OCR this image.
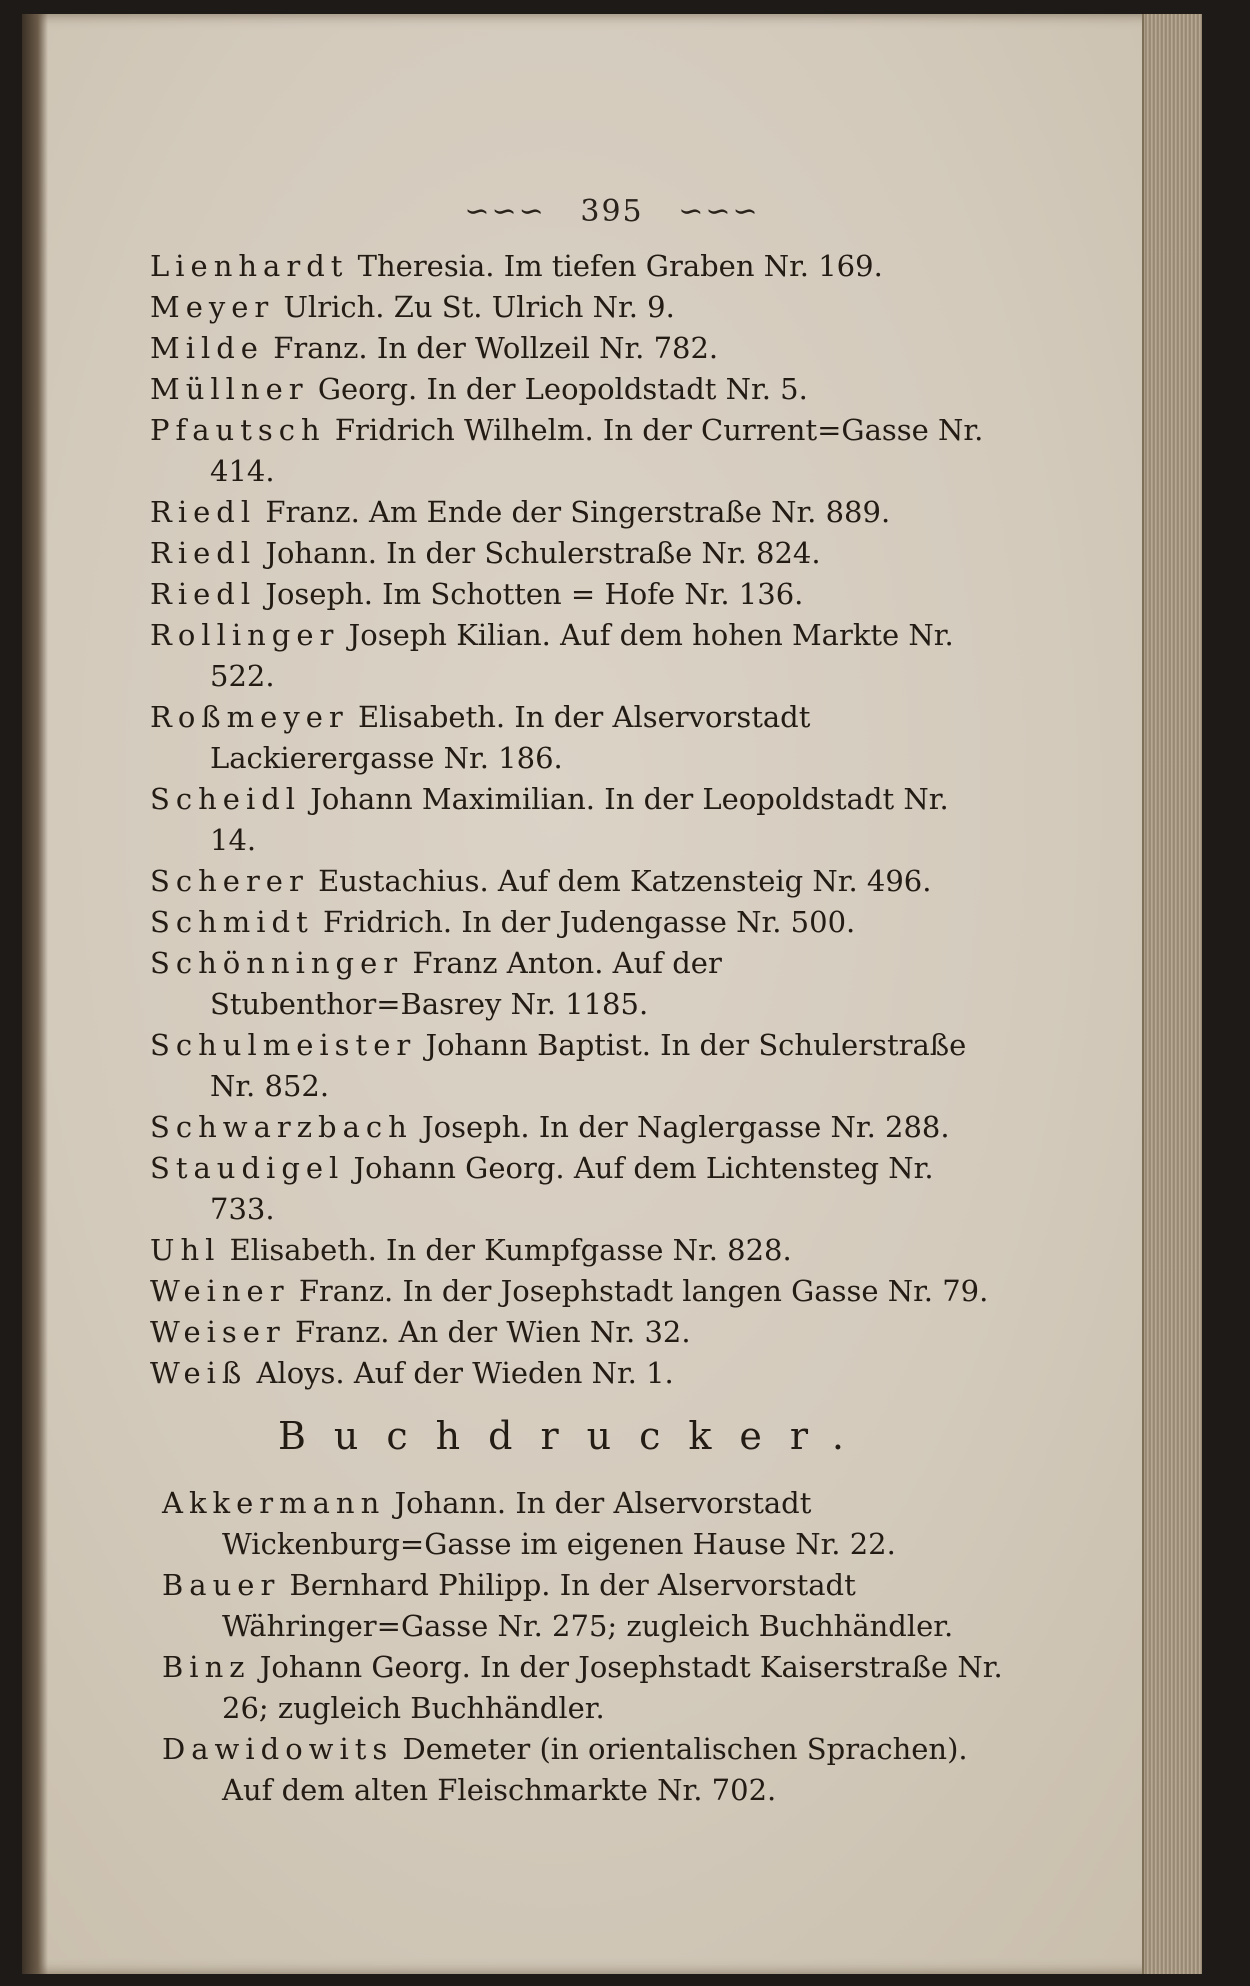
∽∽∽ 395 ∽∽∽

Lienhardt Theresia. Im tiefen Graben Nr. 169.

Meyer Ulrich. Zu St. Ulrich Nr. 9.

Milde Franz. In der Wollzeil Nr. 782.

Müllner Georg. In der Leopoldstadt Nr. 5.

Pfautsch Fridrich Wilhelm. In der Current=Gasse Nr. 414.

Riedl Franz. Am Ende der Singerstraße Nr. 889.

Riedl Johann. In der Schulerstraße Nr. 824.

Riedl Joseph. Im Schotten = Hofe Nr. 136.

Rollinger Joseph Kilian. Auf dem hohen Markte Nr. 522.

Roßmeyer Elisabeth. In der Alservorstadt Lackierergasse Nr. 186.

Scheidl Johann Maximilian. In der Leopoldstadt Nr. 14.

Scherer Eustachius. Auf dem Katzensteig Nr. 496.

Schmidt Fridrich. In der Judengasse Nr. 500.

Schönninger Franz Anton. Auf der Stubenthor=Basrey Nr. 1185.

Schulmeister Johann Baptist. In der Schulerstraße Nr. 852.

Schwarzbach Joseph. In der Naglergasse Nr. 288.

Staudigel Johann Georg. Auf dem Lichtensteg Nr. 733.

Uhl Elisabeth. In der Kumpfgasse Nr. 828.

Weiner Franz. In der Josephstadt langen Gasse Nr. 79.

Weiser Franz. An der Wien Nr. 32.

Weiß Aloys. Auf der Wieden Nr. 1.

Buchdrucker.

Akkermann Johann. In der Alservorstadt Wickenburg=Gasse im eigenen Hause Nr. 22.

Bauer Bernhard Philipp. In der Alservorstadt Währinger=Gasse Nr. 275; zugleich Buchhändler.

Binz Johann Georg. In der Josephstadt Kaiserstraße Nr. 26; zugleich Buchhändler.

Dawidowits Demeter (in orientalischen Sprachen). Auf dem alten Fleischmarkte Nr. 702.
